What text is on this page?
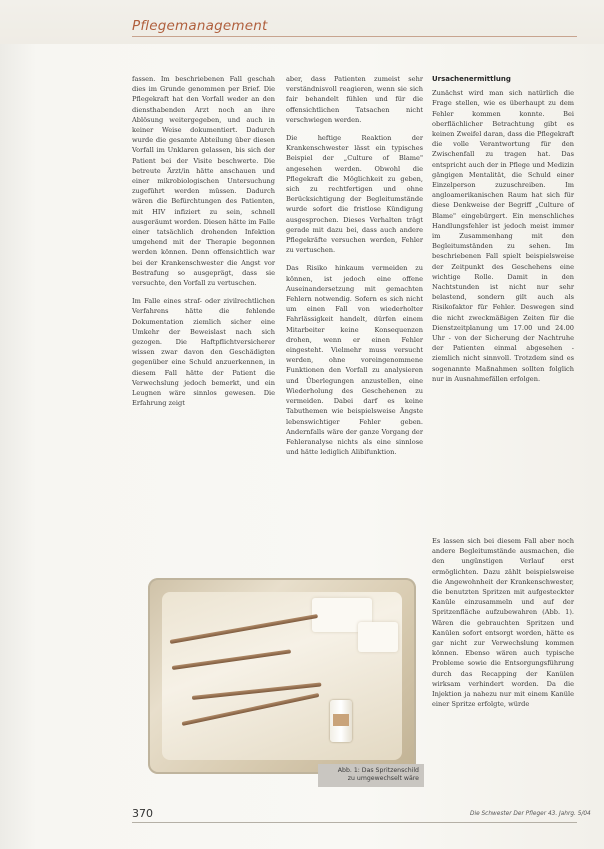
Pflegemanagement

fassen. Im beschriebenen Fall geschah dies im Grunde genommen per Brief. Die Pflegekraft hat den Vorfall weder an den diensthabenden Arzt noch an ihre Ablösung weitergegeben, und auch in keiner Weise dokumentiert. Dadurch wurde die gesamte Abteilung über diesen Vorfall im Unklaren gelassen, bis sich der Patient bei der Visite beschwerte. Die betreute Ärzt/in hätte anschauen und einer mikrobiologischen Untersuchung zugeführt werden müssen. Dadurch wären die Befürchtungen des Patienten, mit HIV infiziert zu sein, schnell ausgeräumt worden. Diesen hätte im Falle einer tatsächlich drohenden Infektion umgehend mit der Therapie begonnen werden können. Denn offensichtlich war bei der Krankenschwester die Angst vor Bestrafung so ausgeprägt, dass sie versuchte, den Vorfall zu vertuschen.

Im Falle eines straf- oder zivilrechtlichen Verfahrens hätte die fehlende Dokumentation ziemlich sicher eine Umkehr der Beweislast nach sich gezogen. Die Haftpflichtversicherer wissen zwar davon den Geschädigten gegenüber eine Schuld anzuerkennen, in diesem Fall hätte der Patient die Verwechslung jedoch bemerkt, und ein Leugnen wäre sinnlos gewesen. Die Erfahrung zeigt

aber, dass Patienten zumeist sehr verständnisvoll reagieren, wenn sie sich fair behandelt fühlen und für die offensichtlichen Tatsachen nicht verschwiegen werden.

Die heftige Reaktion der Krankenschwester lässt ein typisches Beispiel der „Culture of Blame" angesehen werden. Obwohl die Pflegekraft die Möglichkeit zu geben, sich zu rechtfertigen und ohne Berücksichtigung der Begleitumstände wurde sofort die fristlose Kündigung ausgesprochen. Dieses Verhalten trägt gerade mit dazu bei, dass auch andere Pflegekräfte versuchen werden, Fehler zu vertuschen.

Das Risiko hinkaum vermeiden zu können, ist jedoch eine offene Auseinandersetzung mit gemachten Fehlern notwendig. Sofern es sich nicht um einen Fall von wiederholter Fahrlässigkeit handelt, dürfen einem Mitarbeiter keine Konsequenzen drohen, wenn er einen Fehler eingesteht. Vielmehr muss versucht werden, ohne voreingenommene Funktionen den Vorfall zu analysieren und Überlegungen anzustellen, eine Wiederholung des Geschehenen zu vermeiden. Dabei darf es keine Tabuthemen wie beispielsweise Ängste lebenswichtiger Fehler geben. Andernfalls wäre der ganze Vorgang der Fehleranalyse nichts als eine sinnlose und hätte lediglich Alibifunktion.

Ursachenermittlung

Zunächst wird man sich natürlich die Frage stellen, wie es überhaupt zu dem Fehler kommen konnte. Bei oberflächlicher Betrachtung gibt es keinen Zweifel daran, dass die Pflegekraft die volle Verantwortung für den Zwischenfall zu tragen hat. Das entspricht auch der in Pflege und Medizin gängigen Mentalität, die Schuld einer Einzelperson zuzuschreiben. Im angloamerikanischen Raum hat sich für diese Denkweise der Begriff „Culture of Blame" eingebürgert. Ein menschliches Handlungsfehler ist jedoch meist immer im Zusammenhang mit den Begleitumständen zu sehen. Im beschriebenen Fall spielt beispielsweise der Zeitpunkt des Geschehens eine wichtige Rolle. Damit in den Nachtstunden ist nicht nur sehr belastend, sondern gilt auch als Risikofaktor für Fehler. Deswegen sind die nicht zweckmäßigen Zeiten für die Dienstzeitplanung um 17.00 und 24.00 Uhr - von der Sicherung der Nachtruhe der Patienten einmal abgesehen - ziemlich nicht sinnvoll. Trotzdem sind es sogenannte Maßnahmen sollten folglich nur in Ausnahmefällen erfolgen.

Es lassen sich bei diesem Fall aber noch andere Begleitumstände ausmachen, die den ungünstigen Verlauf erst ermöglichten. Dazu zählt beispielsweise die Angewohnheit der Krankenschwester, die benutzten Spritzen mit aufgesteckter Kanüle einzusammeln und auf der Spritzenfläche aufzubewahren (Abb. 1). Wären die gebrauchten Spritzen und Kanülen sofort entsorgt worden, hätte es gar nicht zur Verwechslung kommen können. Ebenso wären auch typische Probleme sowie die Entsorgungsführung durch das Recapping der Kanülen wirksam verhindert worden. Da die Injektion ja nahezu nur mit einem Kanüle einer Spritze erfolgte, würde

Abb. 1: Das Spritzenschild
zu umgewechselt wäre
370	Die Schwester Der Pfleger 43. Jahrg. 5/04
